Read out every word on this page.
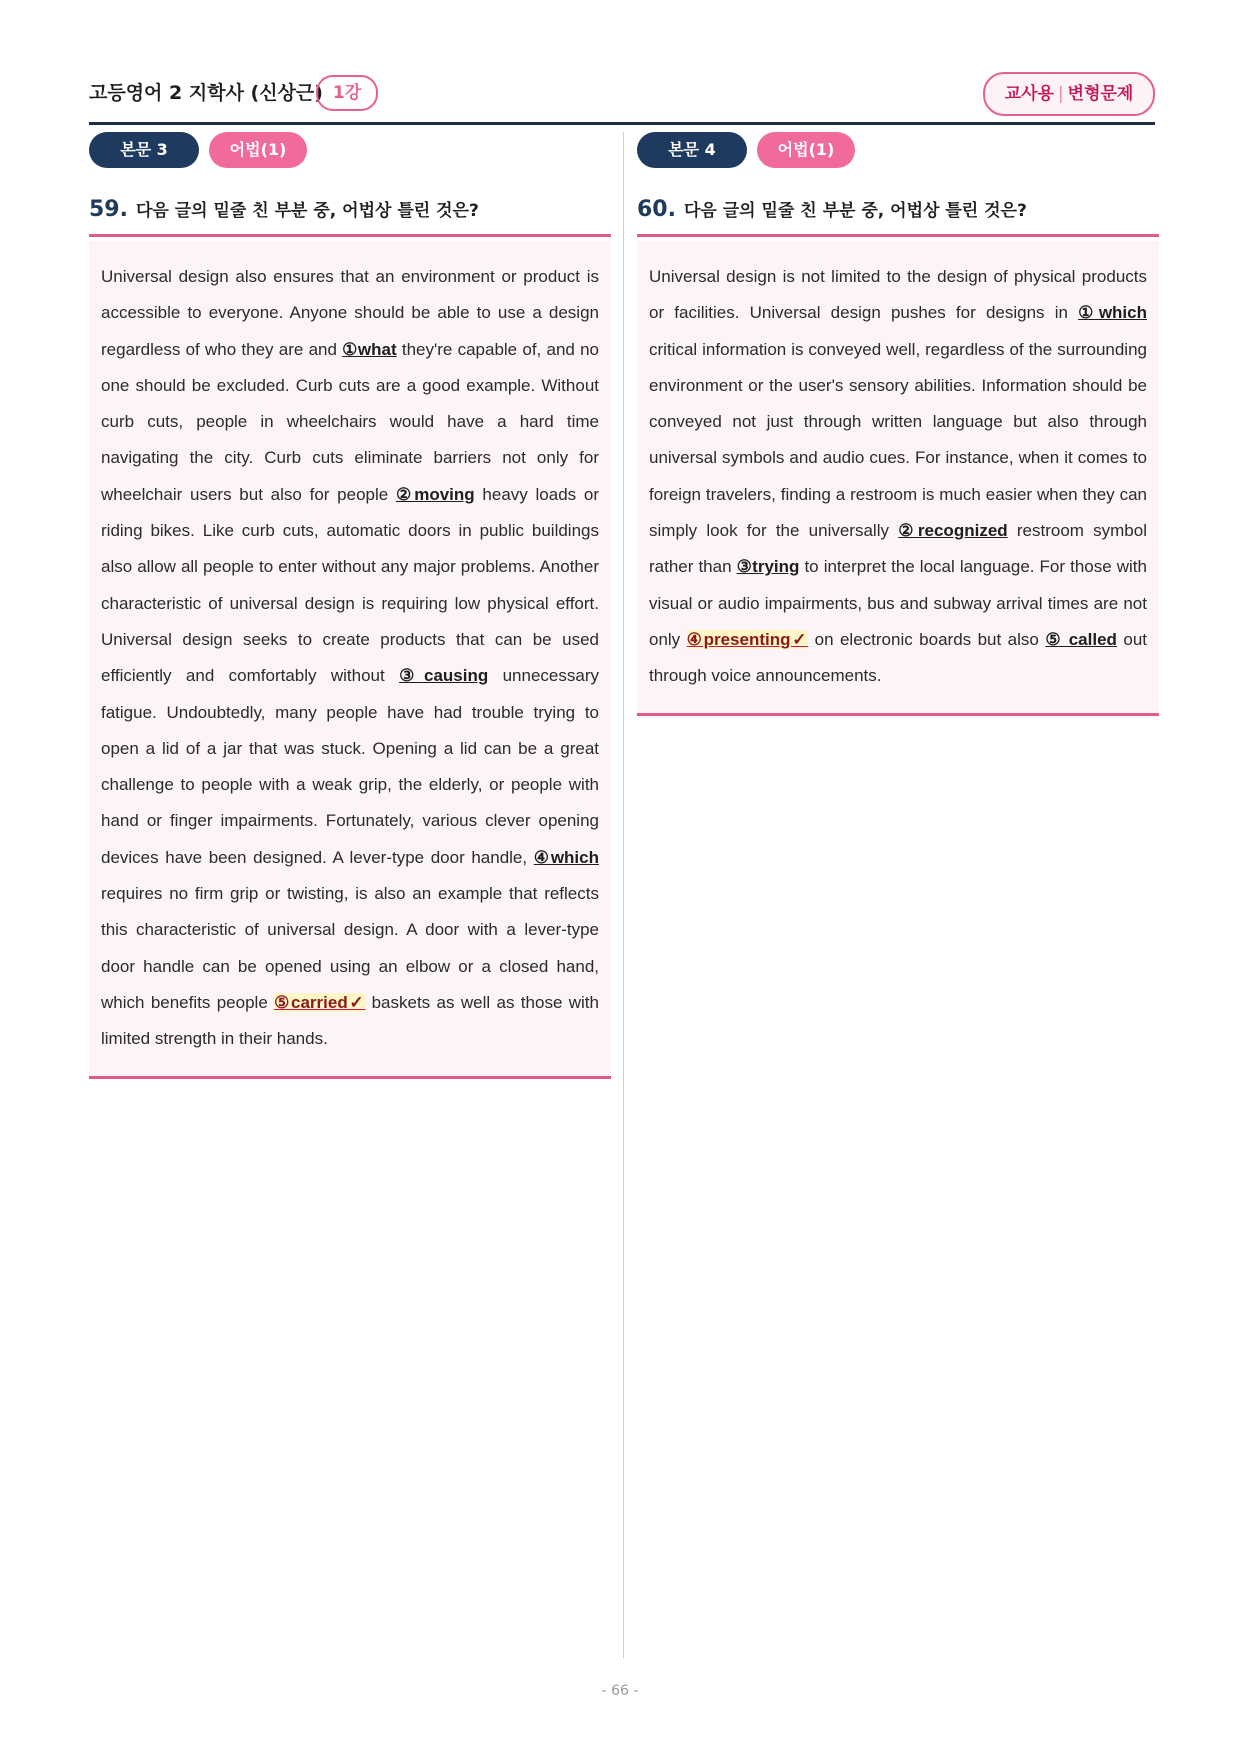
고등영어 2 지학사 (신상근) 1강	교사용 | 변형문제
본문 3	어법(1)
59. 다음 글의 밑줄 친 부분 중, 어법상 틀린 것은?
Universal design also ensures that an environment or product is accessible to everyone. Anyone should be able to use a design regardless of who they are and ①what they're capable of, and no one should be excluded. Curb cuts are a good example. Without curb cuts, people in wheelchairs would have a hard time navigating the city. Curb cuts eliminate barriers not only for wheelchair users but also for people ②moving heavy loads or riding bikes. Like curb cuts, automatic doors in public buildings also allow all people to enter without any major problems. Another characteristic of universal design is requiring low physical effort. Universal design seeks to create products that can be used efficiently and comfortably without ③causing unnecessary fatigue. Undoubtedly, many people have had trouble trying to open a lid of a jar that was stuck. Opening a lid can be a great challenge to people with a weak grip, the elderly, or people with hand or finger impairments. Fortunately, various clever opening devices have been designed. A lever-type door handle, ④which requires no firm grip or twisting, is also an example that reflects this characteristic of universal design. A door with a lever-type door handle can be opened using an elbow or a closed hand, which benefits people ⑤carried✓ baskets as well as those with limited strength in their hands.
본문 4	어법(1)
60. 다음 글의 밑줄 친 부분 중, 어법상 틀린 것은?
Universal design is not limited to the design of physical products or facilities. Universal design pushes for designs in ①which critical information is conveyed well, regardless of the surrounding environment or the user's sensory abilities. Information should be conveyed not just through written language but also through universal symbols and audio cues. For instance, when it comes to foreign travelers, finding a restroom is much easier when they can simply look for the universally ②recognized restroom symbol rather than ③trying to interpret the local language. For those with visual or audio impairments, bus and subway arrival times are not only ④presenting✓ on electronic boards but also ⑤ called out through voice announcements.
- 66 -
